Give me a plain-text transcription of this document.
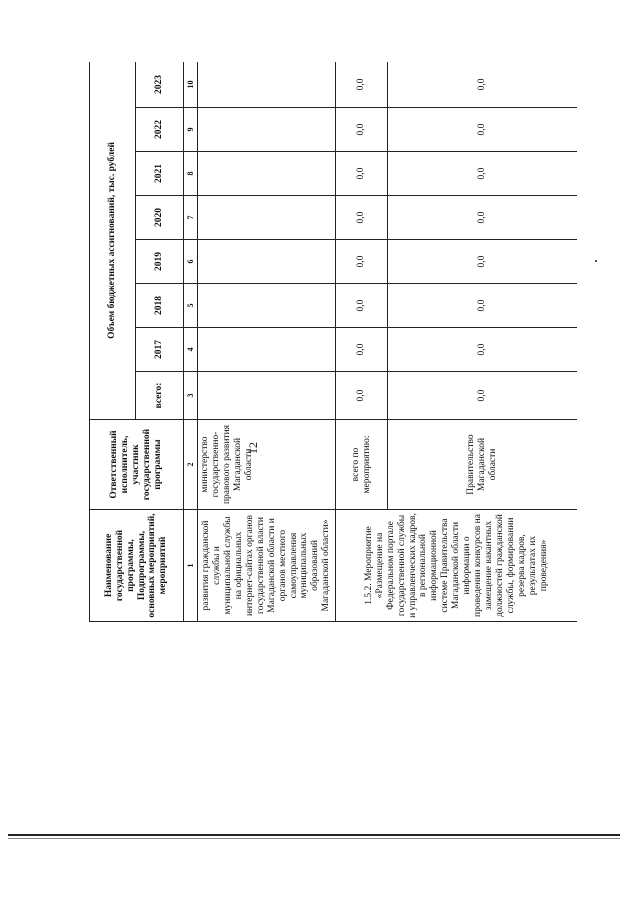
12
Наименование государственной программы, Подпрограммы, основных мероприятий, мероприятий	Ответственный исполнитель, участник государственной программы	Объем бюджетных ассигнований, тыс. рублей							
		всего:	2017	2018	2019	2020	2021	2022	2023
1	2	3	4	5	6	7	8	9	10
развития гражданской службы и муниципальной службы на официальных интернет-сайтах органов государственной власти Магаданской области и органов местного самоуправления муниципальных образований Магаданской области»	министерство государственно-правового развития Магаданской области								
1.5.2. Мероприятие «Размещение на Федеральном портале государственной службы и управленческих кадров, в региональной информационной системе Правительства Магаданской области информации о проведении конкурсов на замещение вакантных должностей гражданской службы, формировании резерва кадров, результатах их проведения»	всего по мероприятию:	0,0	0,0	0,0	0,0	0,0	0,0	0,0	0,0
	Правительство Магаданской области	0,0	0,0	0,0	0,0	0,0	0,0	0,0	0,0
